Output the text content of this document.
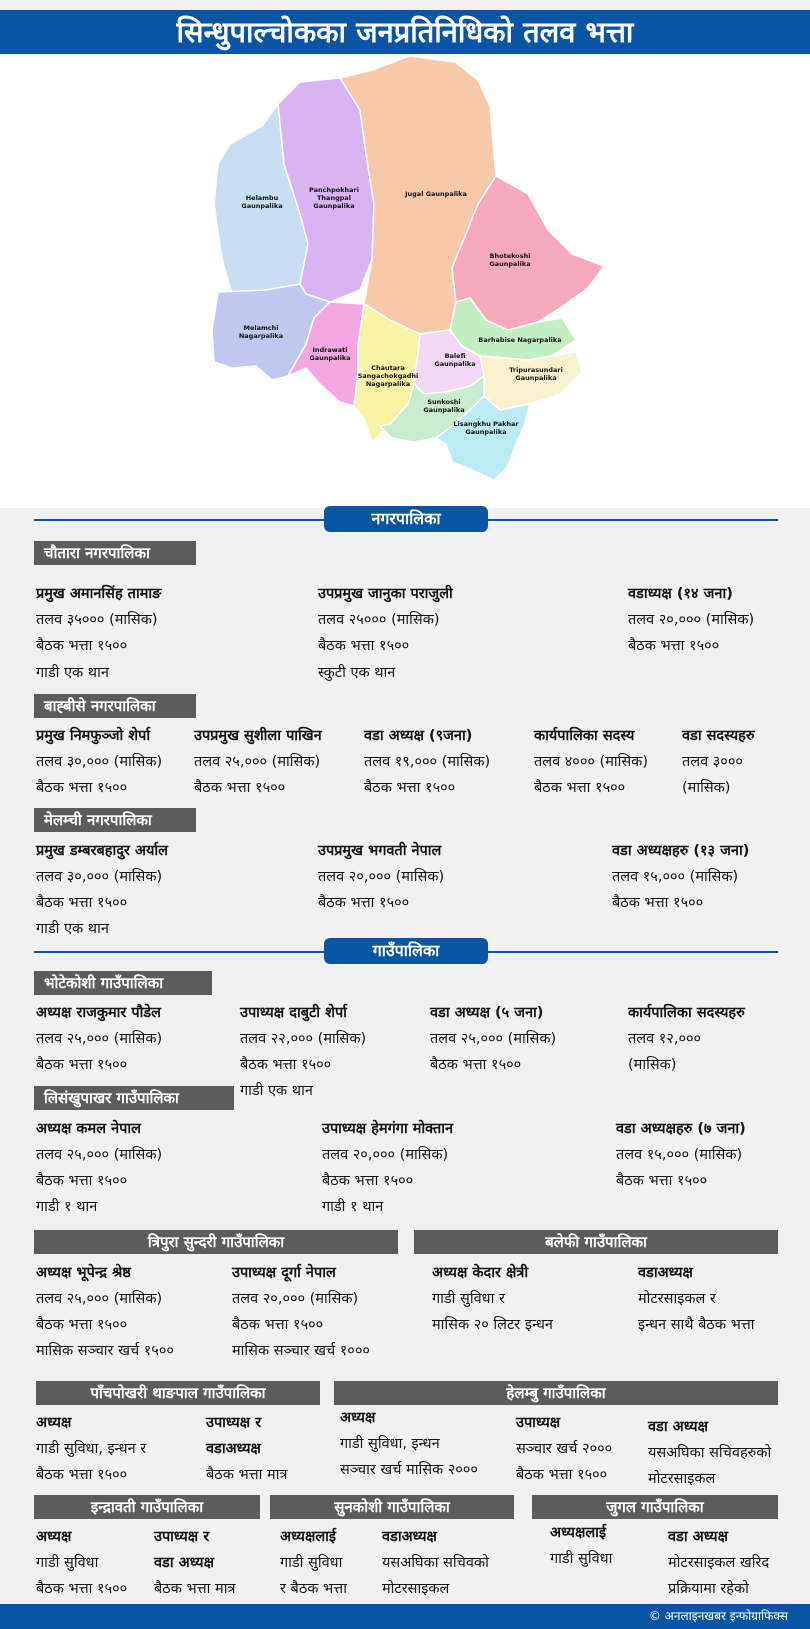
सिन्धुपाल्चोकका जनप्रतिनिधिको तलव भत्ता
Helambu Gaunpalika
Panchpokhari Thangpal Gaunpalika
Jugal Gaunpalika
Bhotekoshi Gaunpalika
Melamchi Nagarpalika
Indrawati Gaunpalika
Chautara Sangachokgadhi Nagarpalika
Balefi Gaunpalika
Barhabise Nagarpalika
Tripurasundari Gaunpalika
Sunkoshi Gaunpalika
Lisangkhu Pakhar Gaunpalika
नगरपालिका
चौतारा नगरपालिका
प्रमुख अमानसिंह तामाङ
तलव ३५००० (मासिक)
बैठक भत्ता १५००
गाडी एक थान
उपप्रमुख जानुका पराजुली
तलव २५००० (मासिक)
बैठक भत्ता १५००
स्कुटी एक थान
वडाध्यक्ष (१४ जना)
तलव २०,००० (मासिक)
बैठक भत्ता १५००
बाह्बीसे नगरपालिका
प्रमुख निमफुञ्जो शेर्पा
तलव ३०,००० (मासिक)
बैठक भत्ता १५००
उपप्रमुख सुशीला पाखिन
तलव २५,००० (मासिक)
बैठक भत्ता १५००
वडा अध्यक्ष (९जना)
तलव १९,००० (मासिक)
बैठक भत्ता १५००
कार्यपालिका सदस्य
तलव ४००० (मासिक)
बैठक भत्ता १५००
वडा सदस्यहरु
तलव ३०००
(मासिक)
मेलम्ची नगरपालिका
प्रमुख डम्बरबहादुर अर्याल
तलव ३०,००० (मासिक)
बैठक भत्ता १५००
गाडी एक थान
उपप्रमुख भगवती नेपाल
तलव २०,००० (मासिक)
बैठक भत्ता १५००
वडा अध्यक्षहरु (१३ जना)
तलव १५,००० (मासिक)
बैठक भत्ता १५००
गाउँपालिका
भोटेकोशी गाउँपालिका
अध्यक्ष राजकुमार पौडेल
तलव २५,००० (मासिक)
बैठक भत्ता १५००
उपाध्यक्ष दाबुटी शेर्पा
तलव २२,००० (मासिक)
बैठक भत्ता १५००
गाडी एक थान
वडा अध्यक्ष (५ जना)
तलव २५,००० (मासिक)
बैठक भत्ता १५००
कार्यपालिका सदस्यहरु
तलव १२,०००
(मासिक)
लिसंखुपाखर गाउँपालिका
अध्यक्ष कमल नेपाल
तलव २५,००० (मासिक)
बैठक भत्ता १५००
गाडी १ थान
उपाध्यक्ष हेमगंगा मोक्तान
तलव २०,००० (मासिक)
बैठक भत्ता १५००
गाडी १ थान
वडा अध्यक्षहरु (७ जना)
तलव १५,००० (मासिक)
बैठक भत्ता १५००
त्रिपुरा सुन्दरी गाउँपालिका	बलेफी गाउँपालिका
अध्यक्ष भूपेन्द्र श्रेष्ठ
तलव २५,००० (मासिक)
बैठक भत्ता १५००
मासिक सञ्चार खर्च १५००
उपाध्यक्ष दूर्गा नेपाल
तलव २०,००० (मासिक)
बैठक भत्ता १५००
मासिक सञ्चार खर्च १०००
अध्यक्ष केदार क्षेत्री
गाडी सुविधा र
मासिक २० लिटर इन्धन
वडाअध्यक्ष
मोटरसाइकल र
इन्धन साथै बैठक भत्ता
पाँचपोखरी थाङपाल गाउँपालिका	हेलम्बु गाउँपालिका
अध्यक्ष
गाडी सुविधा, इन्धन र
बैठक भत्ता १५००
उपाध्यक्ष र
वडाअध्यक्ष
बैठक भत्ता मात्र
अध्यक्ष
गाडी सुविधा, इन्धन
सञ्चार खर्च मासिक २०००
उपाध्यक्ष
सञ्चार खर्च २०००
बैठक भत्ता १५००
वडा अध्यक्ष
यसअघिका सचिवहरुको
मोटरसाइकल
इन्द्रावती गाउँपालिका	सुनकोशी गाउँपालिका	जुगल गाउँपालिका
अध्यक्ष
गाडी सुविधा
बैठक भत्ता १५००
उपाध्यक्ष र
वडा अध्यक्ष
बैठक भत्ता मात्र
अध्यक्षलाई
गाडी सुविधा
र बैठक भत्ता
वडाअध्यक्ष
यसअघिका सचिवको
मोटरसाइकल
अध्यक्षलाई
गाडी सुविधा
वडा अध्यक्ष
मोटरसाइकल खरिद
प्रक्रियामा रहेको
© अनलाइनखबर इन्फोग्राफिक्स
